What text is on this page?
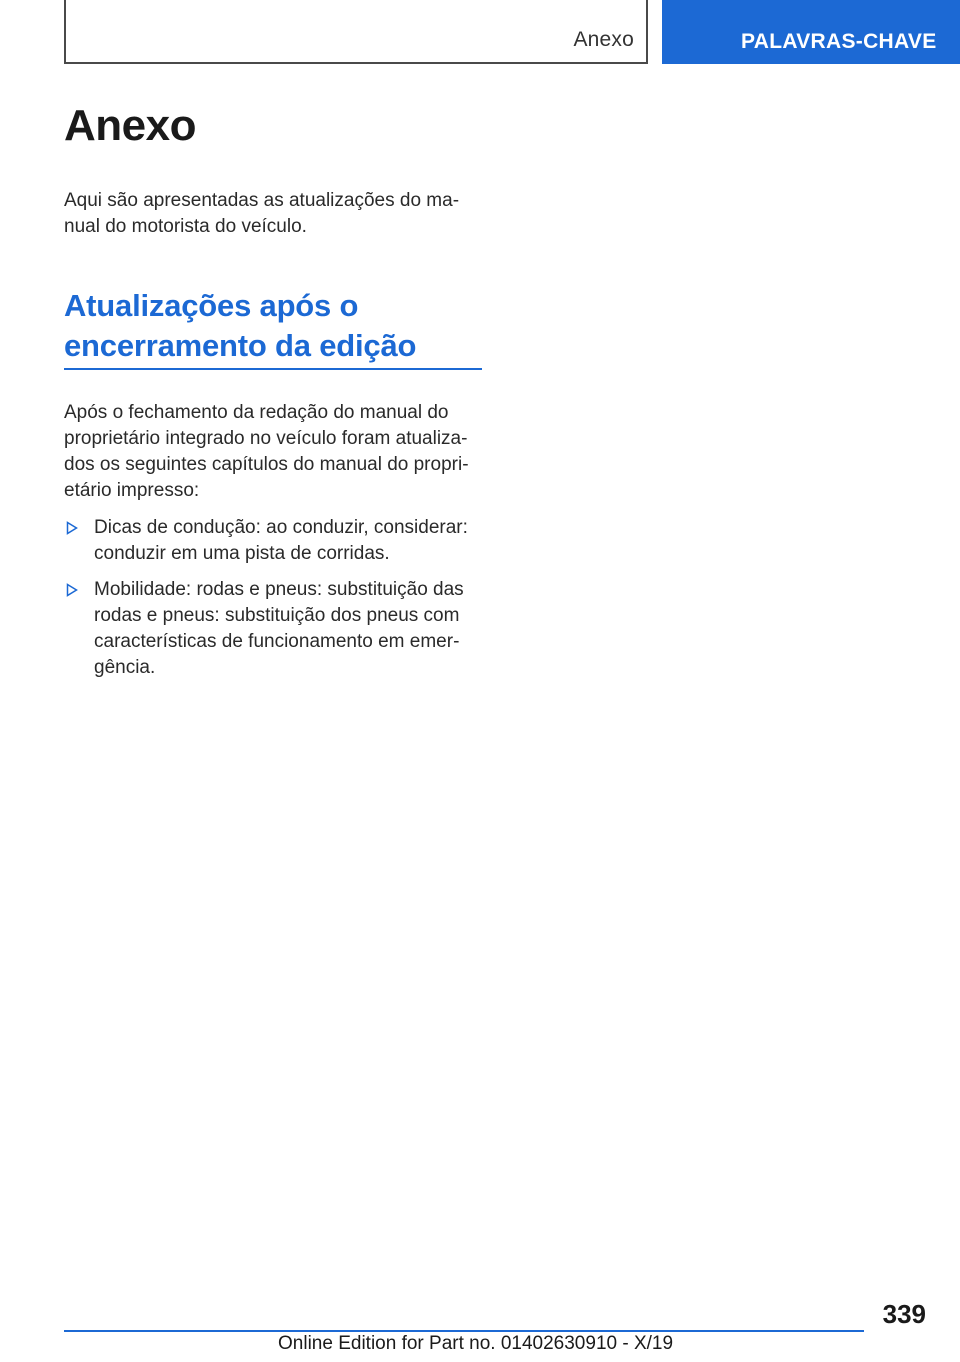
Anexo	PALAVRAS-CHAVE
Anexo

Aqui são apresentadas as atualizações do manual do motorista do veículo.

Atualizações após o encerramento da edição

Após o fechamento da redação do manual do proprietário integrado no veículo foram atualizados os seguintes capítulos do manual do proprietário impresso:

Dicas de condução: ao conduzir, considerar: conduzir em uma pista de corridas.
Mobilidade: rodas e pneus: substituição das rodas e pneus: substituição dos pneus com características de funcionamento em emergência.
339
Online Edition for Part no. 01402630910 - X/19
